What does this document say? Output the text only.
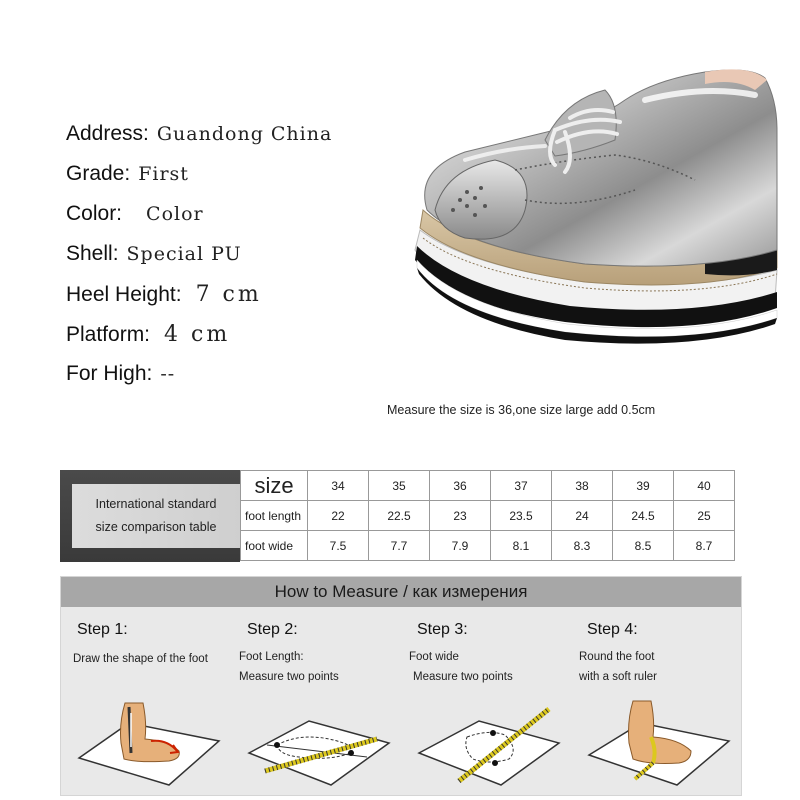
Address: Guandong China
Grade: First
Color: Color
Shell: Special PU
Heel Height: 7 cm
Platform: 4 cm
For High: --
Measure the size is 36,one size large add 0.5cm
International standard
size comparison table
size	34	35	36	37	38	39	40
foot length	22	22.5	23	23.5	24	24.5	25
foot wide	7.5	7.7	7.9	8.1	8.3	8.5	8.7
How to Measure / как измерения
Step 1:
Draw the shape of the foot
Step 2:
Foot Length:
Measure two points
Step 3:
Foot wide
Measure two points
Step 4:
Round the foot
with a soft ruler
